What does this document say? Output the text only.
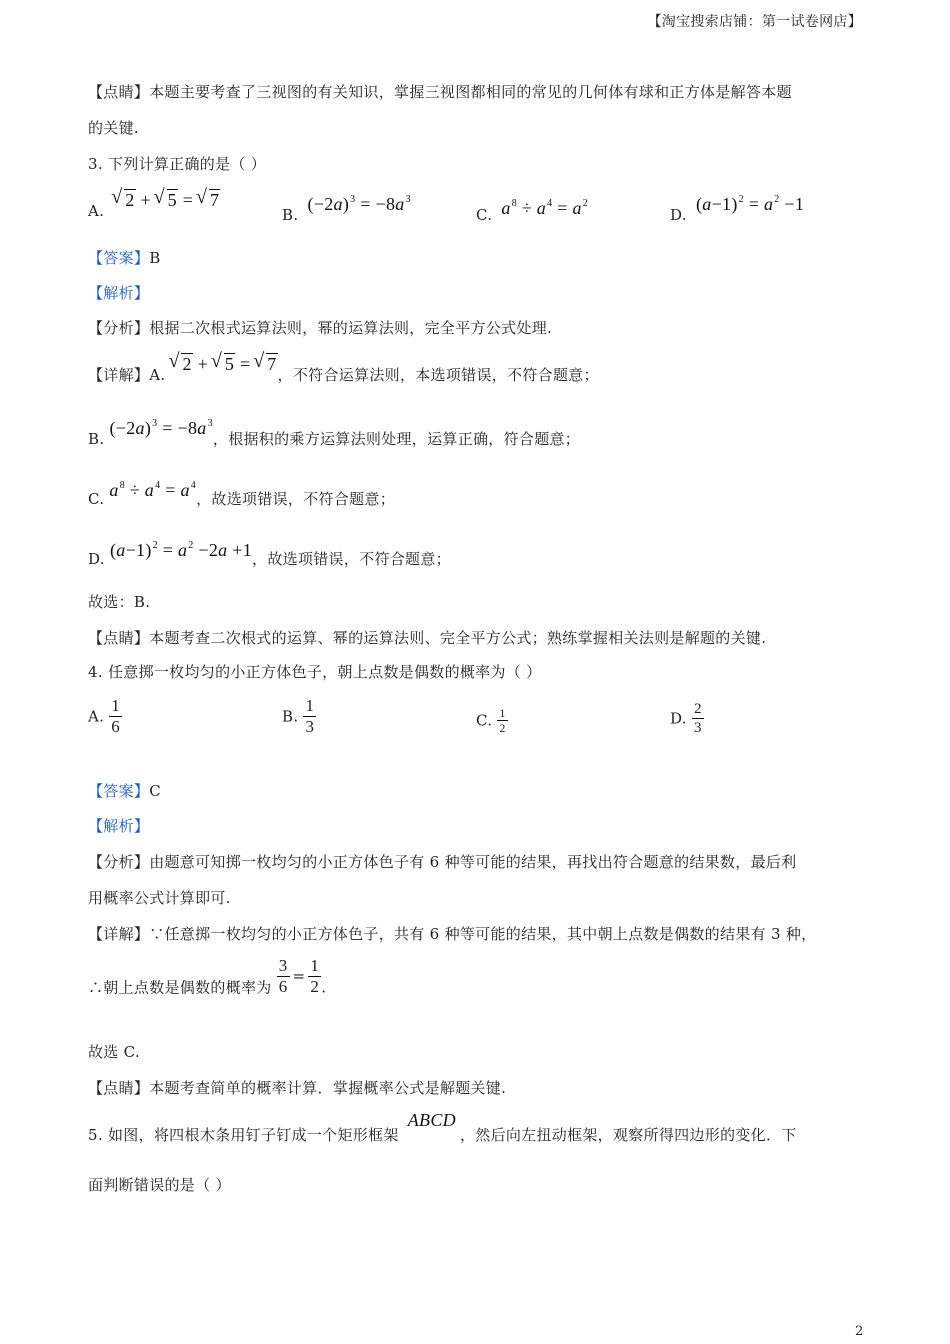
【淘宝搜索店铺：第一试卷网店】
【点睛】本题主要考查了三视图的有关知识，掌握三视图都相同的常见的几何体有球和正方体是解答本题
的关键.
3. 下列计算正确的是（ ）
A. √ 2 + √ 5 = √ 7
B. $(-2a)^3 = -8a^3$
C. $a^8 \div a^4 = a^2$
D. $(a-1)^2 = a^2 -1$
【答案】B
【解析】
【分析】根据二次根式运算法则，幂的运算法则，完全平方公式处理.
【详解】A. √ 2 + √ 5 = √ 7，不符合运算法则，本选项错误，不符合题意；
B. $(-2a)^3 = -8a^3$，根据积的乘方运算法则处理，运算正确，符合题意；
C. $a^8 \div a^4 = a^4$，故选项错误，不符合题意；
D. $(a-1)^2 = a^2 -2a +1$，故选项错误，不符合题意；
故选：B.
【点睛】本题考查二次根式的运算、幂的运算法则、完全平方公式；熟练掌握相关法则是解题的关键.
4. 任意掷一枚均匀的小正方体色子，朝上点数是偶数的概率为（ ）
A. $\frac{1}{6}$	B. $\frac{1}{3}$	C. $\frac{1}{2}$	D. $\frac{2}{3}$
【答案】C
【解析】
【分析】由题意可知掷一枚均匀的小正方体色子有 6 种等可能的结果，再找出符合题意的结果数，最后利
用概率公式计算即可.
【详解】∵任意掷一枚均匀的小正方体色子，共有 6 种等可能的结果，其中朝上点数是偶数的结果有 3 种，
∴朝上点数是偶数的概率为 $\frac{3}{6} = \frac{1}{2}$ .
故选 C.
【点睛】本题考查简单的概率计算．掌握概率公式是解题关键.
5. 如图，将四根木条用钉子钉成一个矩形框架 ABCD，然后向左扭动框架，观察所得四边形的变化．下
面判断错误的是（ ）
2
